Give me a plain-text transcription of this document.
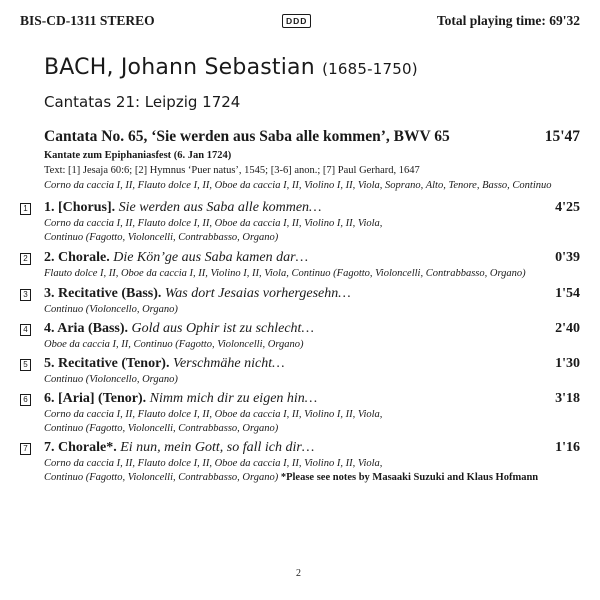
BIS-CD-1311 STEREO	DDD	Total playing time: 69'32
BACH, Johann Sebastian (1685-1750)
Cantatas 21: Leipzig 1724
Cantata No. 65, ‘Sie werden aus Saba alle kommen’, BWV 65	15'47
Kantate zum Epiphaniasfest (6. Jan 1724)
Text: [1] Jesaja 60:6; [2] Hymnus ‘Puer natus’, 1545; [3-6] anon.; [7] Paul Gerhard, 1647
Corno da caccia I, II, Flauto dolce I, II, Oboe da caccia I, II, Violino I, II, Viola, Soprano, Alto, Tenore, Basso, Continuo
1 1. [Chorus]. Sie werden aus Saba alle kommen…	4'25
Corno da caccia I, II, Flauto dolce I, II, Oboe da caccia I, II, Violino I, II, Viola,
Continuo (Fagotto, Violoncelli, Contrabbasso, Organo)
2 2. Chorale. Die Kön’ge aus Saba kamen dar…	0'39
Flauto dolce I, II, Oboe da caccia I, II, Violino I, II, Viola, Continuo (Fagotto, Violoncelli, Contrabbasso, Organo)
3 3. Recitative (Bass). Was dort Jesaias vorhergesehn…	1'54
Continuo (Violoncello, Organo)
4 4. Aria (Bass). Gold aus Ophir ist zu schlecht…	2'40
Oboe da caccia I, II, Continuo (Fagotto, Violoncelli, Organo)
5 5. Recitative (Tenor). Verschmähe nicht…	1'30
Continuo (Violoncello, Organo)
6 6. [Aria] (Tenor). Nimm mich dir zu eigen hin…	3'18
Corno da caccia I, II, Flauto dolce I, II, Oboe da caccia I, II, Violino I, II, Viola,
Continuo (Fagotto, Violoncelli, Contrabbasso, Organo)
7 7. Chorale*. Ei nun, mein Gott, so fall ich dir…	1'16
Corno da caccia I, II, Flauto dolce I, II, Oboe da caccia I, II, Violino I, II, Viola,
Continuo (Fagotto, Violoncelli, Contrabbasso, Organo) *Please see notes by Masaaki Suzuki and Klaus Hofmann
2
